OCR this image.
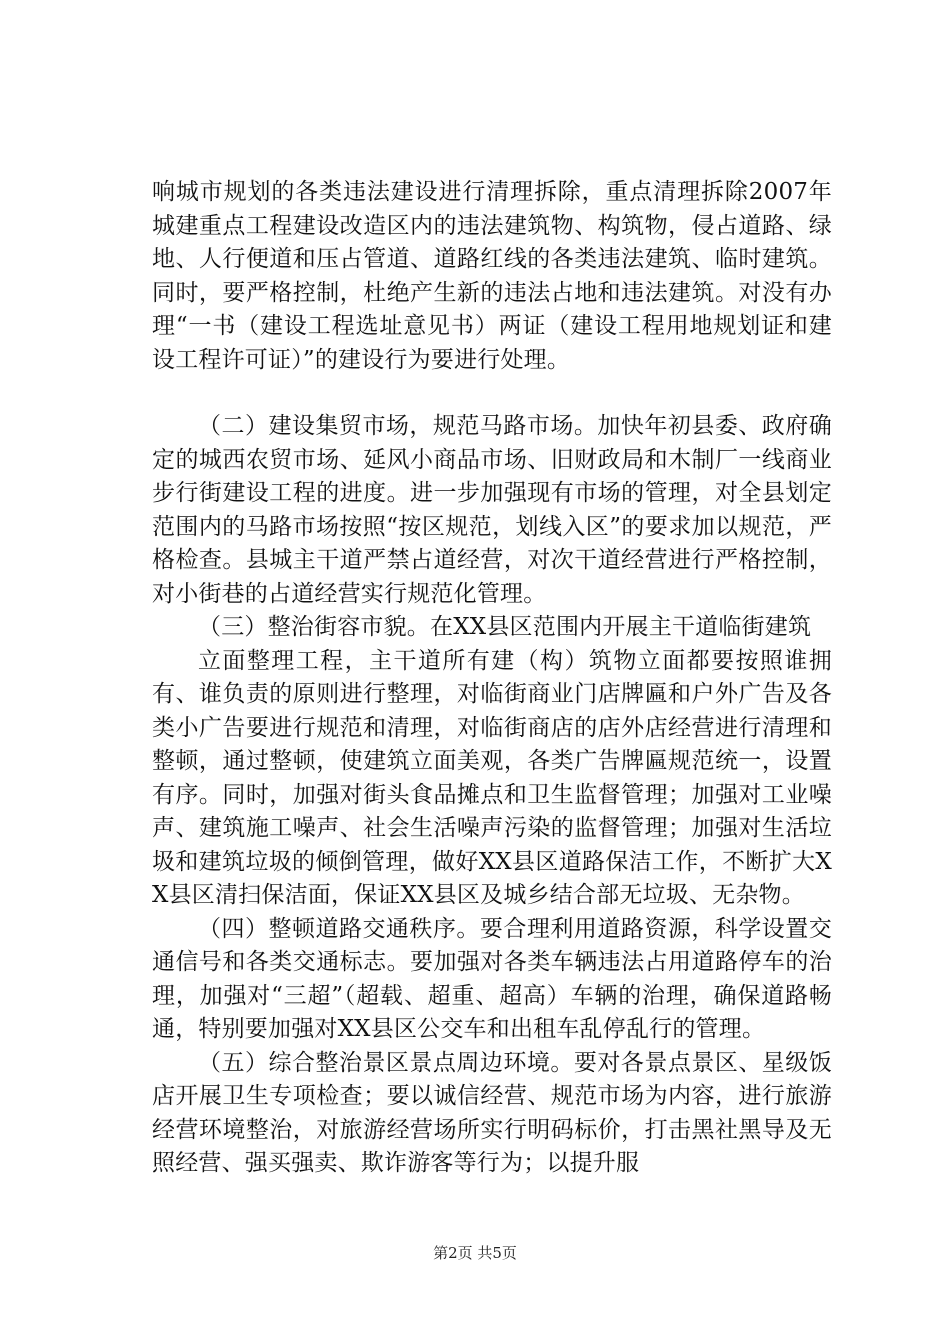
响城市规划的各类违法建设进行清理拆除，重点清理拆除2007年城建重点工程建设改造区内的违法建筑物、构筑物，侵占道路、绿地、人行便道和压占管道、道路红线的各类违法建筑、临时建筑。同时，要严格控制，杜绝产生新的违法占地和违法建筑。对没有办理“一书（建设工程选址意见书）两证（建设工程用地规划证和建设工程许可证）”的建设行为要进行处理。

（二）建设集贸市场，规范马路市场。加快年初县委、政府确定的城西农贸市场、延风小商品市场、旧财政局和木制厂一线商业步行街建设工程的进度。进一步加强现有市场的管理，对全县划定范围内的马路市场按照“按区规范，划线入区”的要求加以规范，严格检查。县城主干道严禁占道经营，对次干道经营进行严格控制，对小街巷的占道经营实行规范化管理。

（三）整治街容市貌。在XX县区范围内开展主干道临街建筑

立面整理工程，主干道所有建（构）筑物立面都要按照谁拥有、谁负责的原则进行整理，对临街商业门店牌匾和户外广告及各类小广告要进行规范和清理，对临街商店的店外店经营进行清理和整顿，通过整顿，使建筑立面美观，各类广告牌匾规范统一，设置有序。同时，加强对街头食品摊点和卫生监督管理；加强对工业噪声、建筑施工噪声、社会生活噪声污染的监督管理；加强对生活垃圾和建筑垃圾的倾倒管理，做好XX县区道路保洁工作，不断扩大XX县区清扫保洁面，保证XX县区及城乡结合部无垃圾、无杂物。

（四）整顿道路交通秩序。要合理利用道路资源，科学设置交通信号和各类交通标志。要加强对各类车辆违法占用道路停车的治理，加强对“三超”（超载、超重、超高）车辆的治理，确保道路畅通，特别要加强对XX县区公交车和出租车乱停乱行的管理。

（五）综合整治景区景点周边环境。要对各景点景区、星级饭店开展卫生专项检查；要以诚信经营、规范市场为内容，进行旅游经营环境整治，对旅游经营场所实行明码标价，打击黑社黑导及无照经营、强买强卖、欺诈游客等行为；以提升服

第2页 共5页
